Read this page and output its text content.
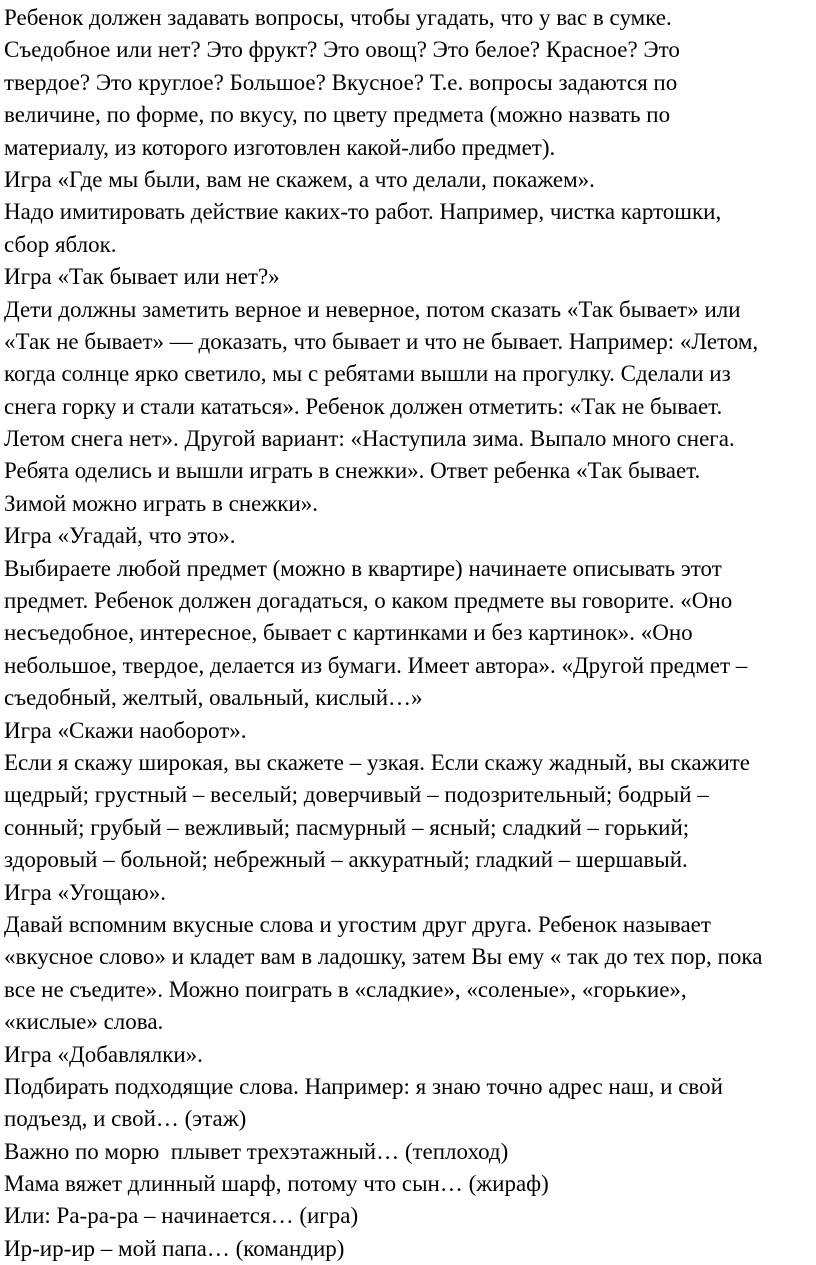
Ребенок должен задавать вопросы, чтобы угадать, что у вас в сумке.
Съедобное или нет? Это фрукт? Это овощ? Это белое? Красное? Это
твердое? Это круглое? Большое? Вкусное? Т.е. вопросы задаются по
величине, по форме, по вкусу, по цвету предмета (можно назвать по
материалу, из которого изготовлен какой-либо предмет).
Игра «Где мы были, вам не скажем, а что делали, покажем».
Надо имитировать действие каких-то работ. Например, чистка картошки,
сбор яблок.
Игра «Так бывает или нет?»
Дети должны заметить верное и неверное, потом сказать «Так бывает» или
«Так не бывает» — доказать, что бывает и что не бывает. Например: «Летом,
когда солнце ярко светило, мы с ребятами вышли на прогулку. Сделали из
снега горку и стали кататься». Ребенок должен отметить: «Так не бывает.
Летом снега нет». Другой вариант: «Наступила зима. Выпало много снега.
Ребята оделись и вышли играть в снежки». Ответ ребенка «Так бывает.
Зимой можно играть в снежки».
Игра «Угадай, что это».
Выбираете любой предмет (можно в квартире) начинаете описывать этот
предмет. Ребенок должен догадаться, о каком предмете вы говорите. «Оно
несъедобное, интересное, бывает с картинками и без картинок». «Оно
небольшое, твердое, делается из бумаги. Имеет автора». «Другой предмет –
съедобный, желтый, овальный, кислый…»
Игра «Скажи наоборот».
Если я скажу широкая, вы скажете – узкая. Если скажу жадный, вы скажите
щедрый; грустный – веселый; доверчивый – подозрительный; бодрый –
сонный; грубый – вежливый; пасмурный – ясный; сладкий – горький;
здоровый – больной; небрежный – аккуратный; гладкий – шершавый.
Игра «Угощаю».
Давай вспомним вкусные слова и угостим друг друга. Ребенок называет
«вкусное слово» и кладет вам в ладошку, затем Вы ему « так до тех пор, пока
все не съедите». Можно поиграть в «сладкие», «соленые», «горькие»,
«кислые» слова.
Игра «Добавлялки».
Подбирать подходящие слова. Например: я знаю точно адрес наш, и свой
подъезд, и свой… (этаж)
Важно по морю  плывет трехэтажный… (теплоход)
Мама вяжет длинный шарф, потому что сын… (жираф)
Или: Ра-ра-ра – начинается… (игра)
Ир-ир-ир – мой папа… (командир)
